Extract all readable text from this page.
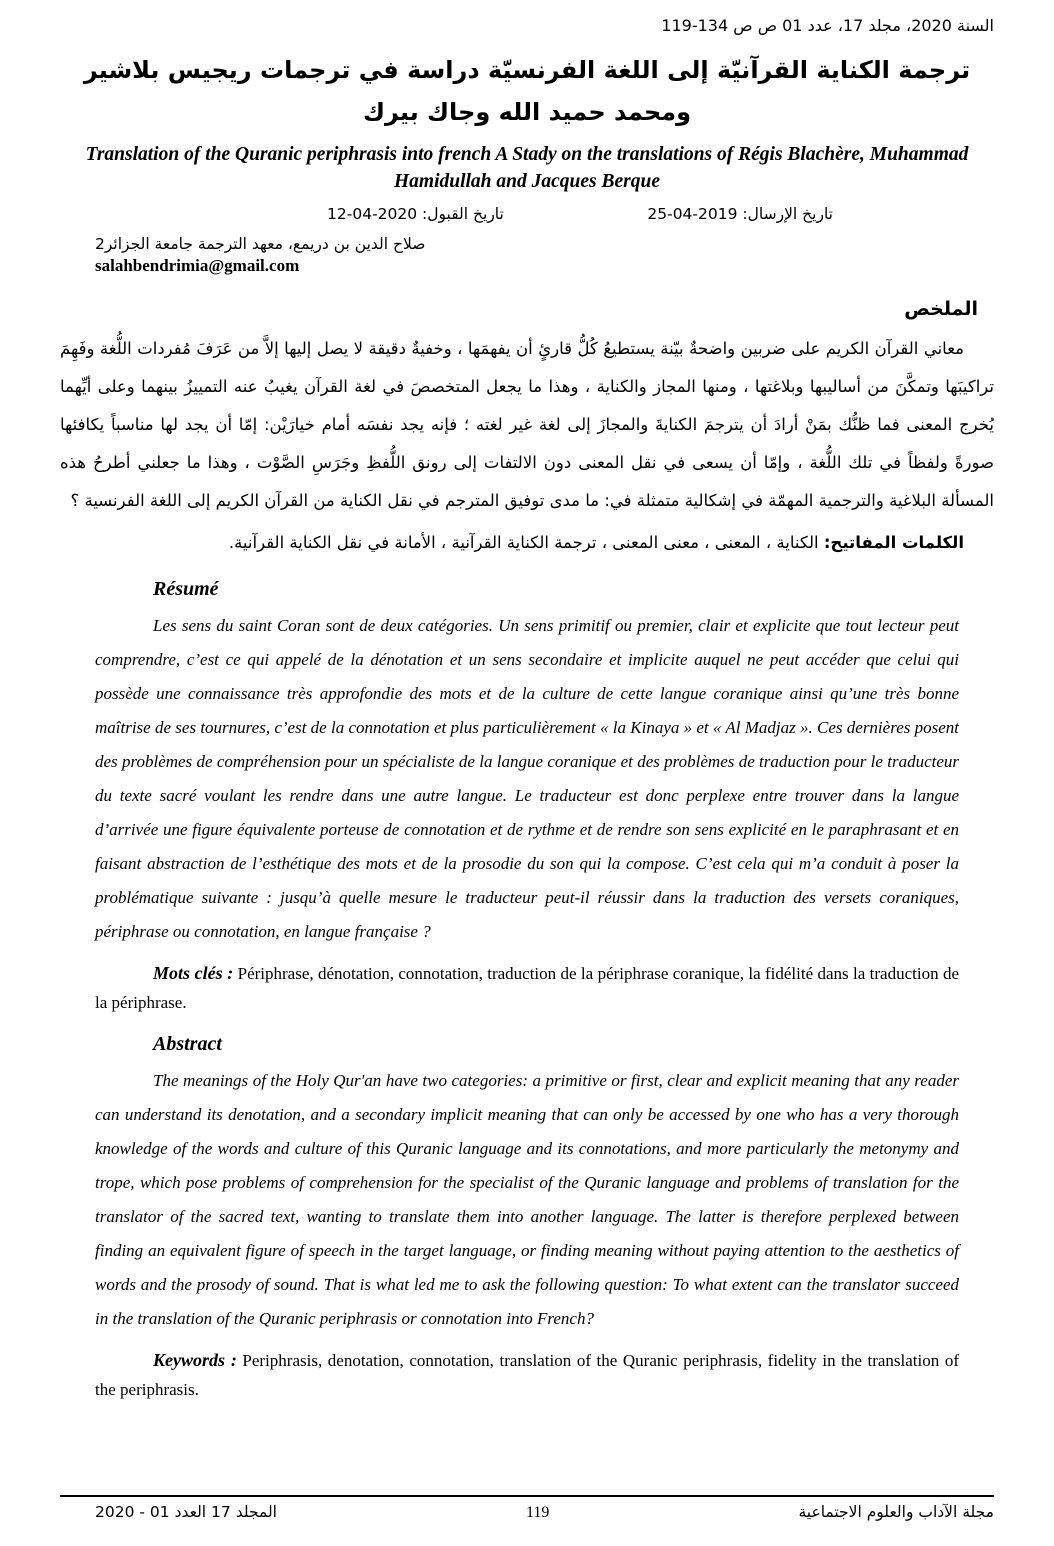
السنة 2020، مجلد 17، عدد 01 ص ص 134-119
ترجمة الكناية القرآنيّة إلى اللغة الفرنسيّة دراسة في ترجمات ريجيس بلاشير ومحمد حميد الله وجاك بيرك
Translation of the Quranic periphrasis into french A Stady on the translations of Régis Blachère, Muhammad Hamidullah and Jacques Berque
تاريخ الإرسال: 2019-04-25
تاريخ القبول: 2020-04-12
صلاح الدين بن دريمع، معهد الترجمة جامعة الجزائر2
salahbendrimia@gmail.com
الملخص

معاني القرآن الكريم على ضربين واضحةٌ بيّنة يستطيعُ كُلُّ قارئٍ أن يفهمَها ، وخفيةٌ دقيقة لا يصل إليها إلاَّ من عَرَفَ مُفردات اللُّغة وفَهِمَ تراكيبَها وتمكَّنَ من أساليبها وبلاغتها ، ومنها المجاز والكناية ، وهذا ما يجعل المتخصصَ في لغة القرآن يغيبُ عنه التمييزُ بينهما وعلى أيِّهما يُخرج المعنى فما ظنُّك بمَنْ أرادَ أن يترجمَ الكنايةَ والمجازَ إلى لغة غير لغته ؛ فإنه يجد نفسَه أمام خيارَيْن: إمّا أن يجد لها مناسباً يكافئها صورةً ولفظاً في تلك اللُّغة ، وإمّا أن يسعى في نقل المعنى دون الالتفات إلى رونق اللُّفظِ وجَرَسِ الصَّوْت ، وهذا ما جعلني أطرحُ هذه المسألة البلاغية والترجمية المهمّة في إشكالية متمثلة في: ما مدى توفيق المترجم في نقل الكناية من القرآن الكريم إلى اللغة الفرنسية ؟

الكلمات المفاتيح: الكناية ، المعنى ، معنى المعنى ، ترجمة الكناية القرآنية ، الأمانة في نقل الكناية القرآنية.

Résumé

Les sens du saint Coran sont de deux catégories. Un sens primitif ou premier, clair et explicite que tout lecteur peut comprendre, c’est ce qui appelé de la dénotation et un sens secondaire et implicite auquel ne peut accéder que celui qui possède une connaissance très approfondie des mots et de la culture de cette langue coranique ainsi qu’une très bonne maîtrise de ses tournures, c’est de la connotation et plus particulièrement « la Kinaya » et « Al Madjaz ». Ces dernières posent des problèmes de compréhension pour un spécialiste de la langue coranique et des problèmes de traduction pour le traducteur du texte sacré voulant les rendre dans une autre langue. Le traducteur est donc perplexe entre trouver dans la langue d’arrivée une figure équivalente porteuse de connotation et de rythme et de rendre son sens explicité en le paraphrasant et en faisant abstraction de l’esthétique des mots et de la prosodie du son qui la compose. C’est cela qui m’a conduit à poser la problématique suivante : jusqu’à quelle mesure le traducteur peut-il réussir dans la traduction des versets coraniques, périphrase ou connotation, en langue française ?

Mots clés : Périphrase, dénotation, connotation, traduction de la périphrase coranique, la fidélité dans la traduction de la périphrase.

Abstract

The meanings of the Holy Qur'an have two categories: a primitive or first, clear and explicit meaning that any reader can understand its denotation, and a secondary implicit meaning that can only be accessed by one who has a very thorough knowledge of the words and culture of this Quranic language and its connotations, and more particularly the metonymy and trope, which pose problems of comprehension for the specialist of the Quranic language and problems of translation for the translator of the sacred text, wanting to translate them into another language. The latter is therefore perplexed between finding an equivalent figure of speech in the target language, or finding meaning without paying attention to the aesthetics of words and the prosody of sound. That is what led me to ask the following question: To what extent can the translator succeed in the translation of the Quranic periphrasis or connotation into French?

Keywords : Periphrasis, denotation, connotation, translation of the Quranic periphrasis, fidelity in the translation of the periphrasis.

المجلد 17 العدد 01 - 2020	119	مجلة الآداب والعلوم الاجتماعية
